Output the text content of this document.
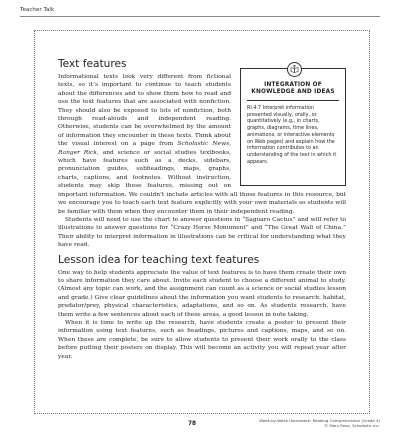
Teacher Talk
Text features
INTEGRATION OF
KNOWLEDGE AND IDEAS
RI.4.7 Interpret information presented visually, orally, or quantitatively (e.g., in charts, graphs, diagrams, time lines, animations, or interactive elements on Web pages) and explain how the information contributes to an understanding of the text in which it appears.

Informational texts look very different from fictional texts, so it’s important to continue to teach students about the differences and to show them how to read and use the text features that are associated with nonfiction. They should also be exposed to lots of nonfiction, both through read-alouds and independent reading. Otherwise, students can be overwhelmed by the amount of information they encounter in these texts. Think about the visual interest on a page from Scholastic News, Ranger Rick, and science or social studies textbooks, which have features such as a decks, sidebars, pronunciation guides, subheadings, maps, graphs, charts, captions, and footnotes. Without instruction, students may skip these features, missing out on important information. We couldn’t include articles with all those features in this resource, but we encourage you to teach each text feature explicitly with your own materials so students will be familiar with them when they encounter them in their independent reading.

Students will need to use the chart to answer questions in “Saguaro Cactus” and will refer to illustrations to answer questions for “Crazy Horse Monument” and “The Great Wall of China.” Their ability to interpret information in illustrations can be critical for understanding what they have read.

Lesson idea for teaching text features

One way to help students appreciate the value of text features is to have them create their own to share information they care about. Invite each student to choose a different animal to study. (Almost any topic can work, and the assignment can count as a science or social studies lesson and grade.) Give clear guidelines about the information you want students to research: habitat, predator/prey, physical characteristics, adaptations, and so on. As students research, have them write a few sentences about each of these areas, a good lesson in note taking.

When it is time to write up the research, have students create a poster to present their information using text features, such as headings, pictures and captions, maps, and so on. When these are complete, be sure to allow students to present their work orally to the class before putting their posters on display. This will become an activity you will repeat year after year.

78
Week-by-Week Homework: Reading Comprehension (Grade 4)
© Mary Rose, Scholastic Inc.
